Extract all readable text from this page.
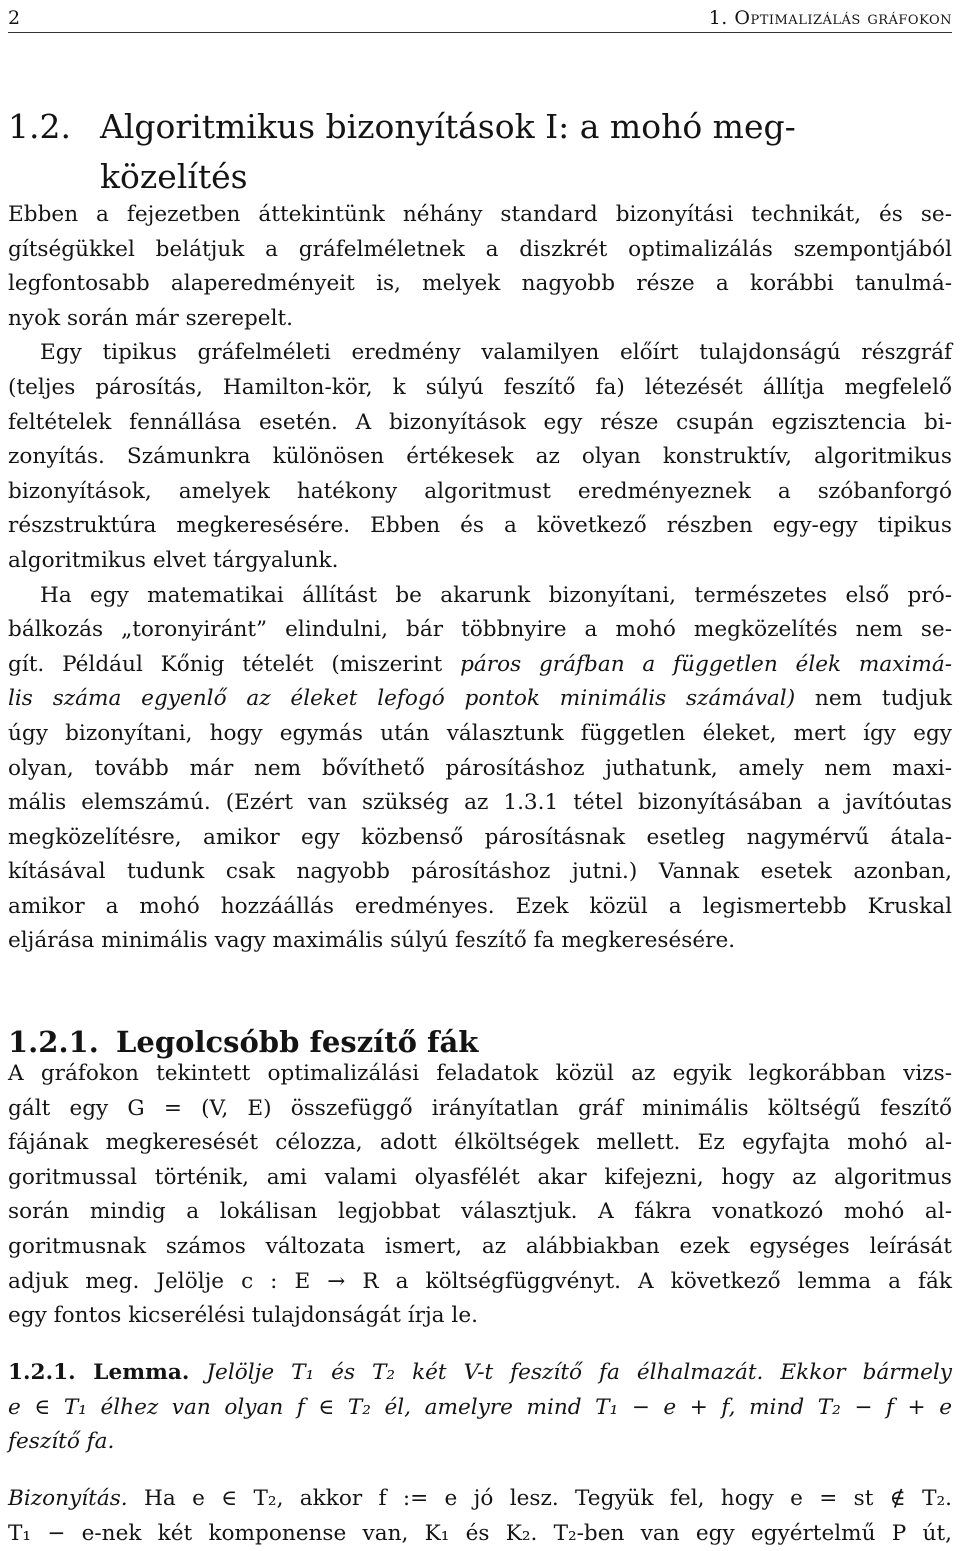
2	1. Optimalizálás gráfokon
1.2. Algoritmikus bizonyítások I: a mohó meg-
közelítés
Ebben a fejezetben áttekintünk néhány standard bizonyítási technikát, és se-
gítségükkel belátjuk a gráfelméletnek a diszkrét optimalizálás szempontjából
legfontosabb alaperedményeit is, melyek nagyobb része a korábbi tanulmá-
nyok során már szerepelt.
Egy tipikus gráfelméleti eredmény valamilyen előírt tulajdonságú részgráf
(teljes párosítás, Hamilton-kör, k súlyú feszítő fa) létezését állítja megfelelő
feltételek fennállása esetén. A bizonyítások egy része csupán egzisztencia bi-
zonyítás. Számunkra különösen értékesek az olyan konstruktív, algoritmikus
bizonyítások, amelyek hatékony algoritmust eredményeznek a szóbanforgó
részstruktúra megkeresésére. Ebben és a következő részben egy-egy tipikus
algoritmikus elvet tárgyalunk.
Ha egy matematikai állítást be akarunk bizonyítani, természetes első pró-
bálkozás „toronyiránt” elindulni, bár többnyire a mohó megközelítés nem se-
gít. Például Kőnig tételét (miszerint páros gráfban a független élek maximá-
lis száma egyenlő az éleket lefogó pontok minimális számával) nem tudjuk
úgy bizonyítani, hogy egymás után választunk független éleket, mert így egy
olyan, tovább már nem bővíthető párosításhoz juthatunk, amely nem maxi-
mális elemszámú. (Ezért van szükség az 1.3.1 tétel bizonyításában a javítóutas
megközelítésre, amikor egy közbenső párosításnak esetleg nagymérvű átala-
kításával tudunk csak nagyobb párosításhoz jutni.) Vannak esetek azonban,
amikor a mohó hozzáállás eredményes. Ezek közül a legismertebb Kruskal
eljárása minimális vagy maximális súlyú feszítő fa megkeresésére.
1.2.1. Legolcsóbb feszítő fák
A gráfokon tekintett optimalizálási feladatok közül az egyik legkorábban vizs-
gált egy G = (V, E) összefüggő irányítatlan gráf minimális költségű feszítő
fájának megkeresését célozza, adott élköltségek mellett. Ez egyfajta mohó al-
goritmussal történik, ami valami olyasfélét akar kifejezni, hogy az algoritmus
során mindig a lokálisan legjobbat választjuk. A fákra vonatkozó mohó al-
goritmusnak számos változata ismert, az alábbiakban ezek egységes leírását
adjuk meg. Jelölje c : E → R a költségfüggvényt. A következő lemma a fák
egy fontos kicserélési tulajdonságát írja le.
1.2.1. Lemma. Jelölje T₁ és T₂ két V-t feszítő fa élhalmazát. Ekkor bármely
e ∈ T₁ élhez van olyan f ∈ T₂ él, amelyre mind T₁ − e + f, mind T₂ − f + e
feszítő fa.
Bizonyítás. Ha e ∈ T₂, akkor f := e jó lesz. Tegyük fel, hogy e = st ∉ T₂.
T₁ − e-nek két komponense van, K₁ és K₂. T₂-ben van egy egyértelmű P út,
